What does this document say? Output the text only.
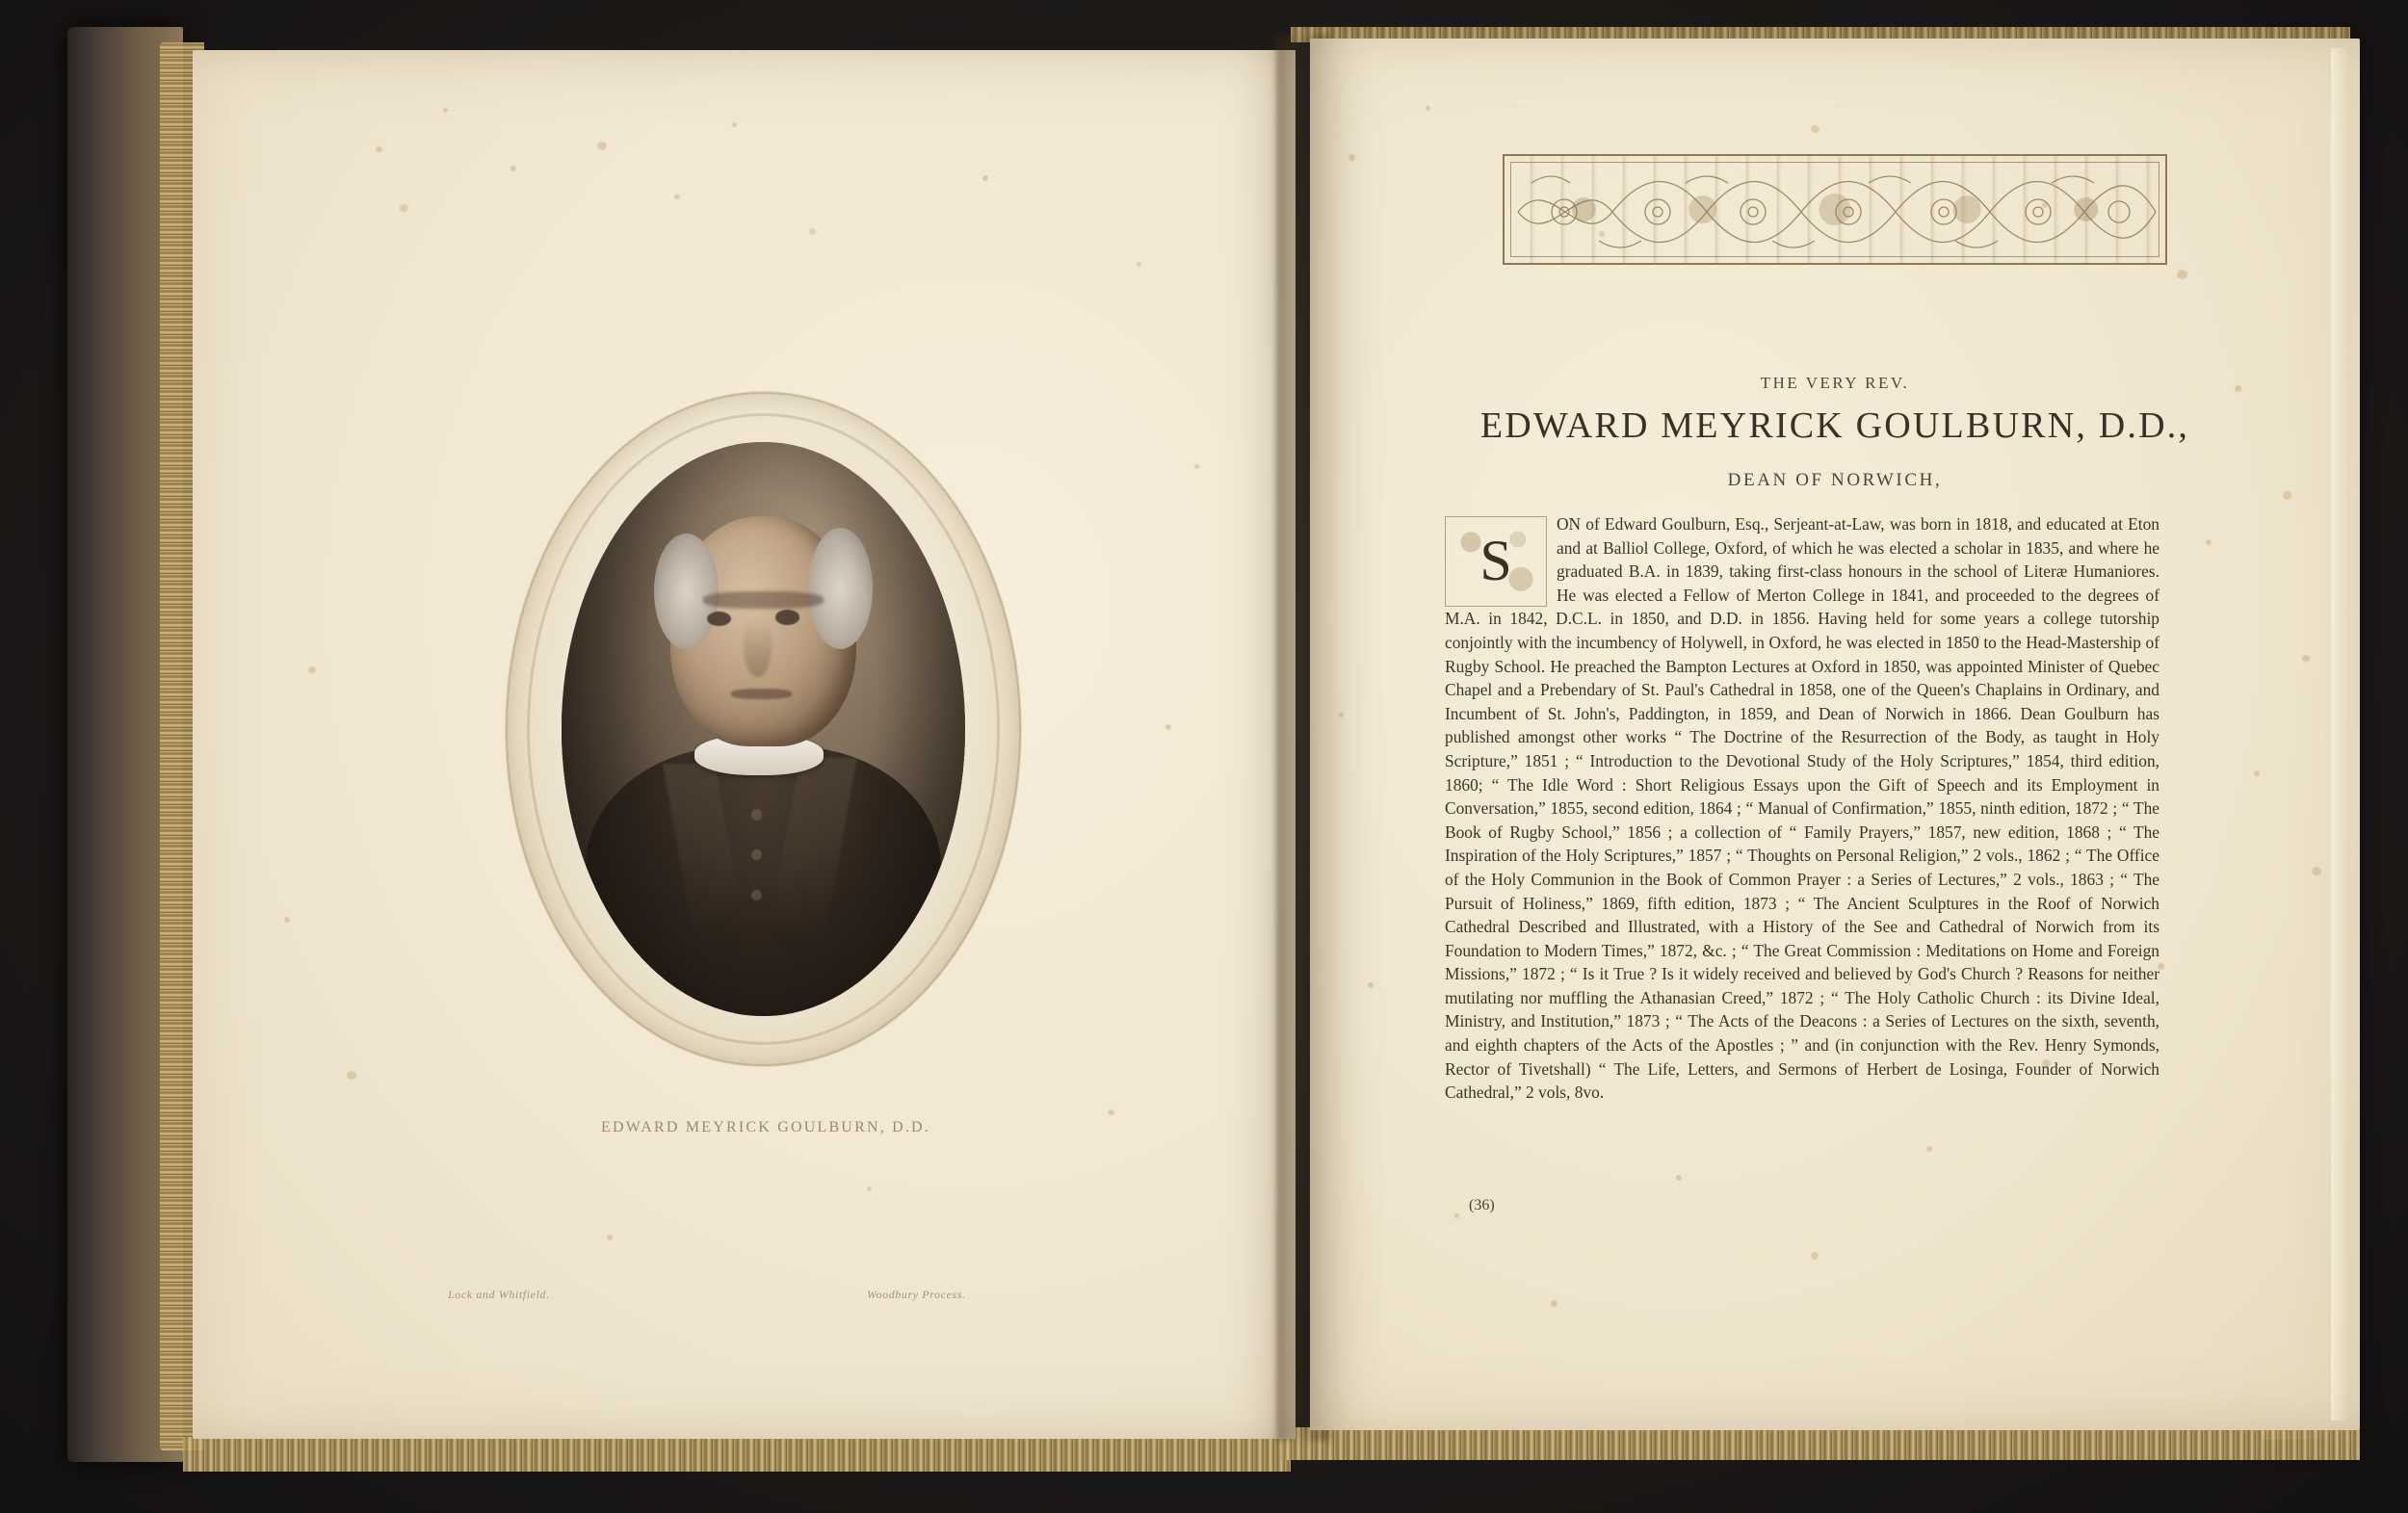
EDWARD MEYRICK GOULBURN, D.D.
Lock and Whitfield.	Woodbury Process.
THE VERY REV.
EDWARD MEYRICK GOULBURN, D.D.,
DEAN OF NORWICH,
S
ON of Edward Goulburn, Esq., Serjeant-at-Law, was born in 1818, and educated at Eton and at Balliol College, Oxford, of which he was elected a scholar in 1835, and where he graduated B.A. in 1839, taking first-class honours in the school of Literæ Humaniores. He was elected a Fellow of Merton College in 1841, and proceeded to the degrees of M.A. in 1842, D.C.L. in 1850, and D.D. in 1856. Having held for some years a college tutorship conjointly with the incumbency of Holywell, in Oxford, he was elected in 1850 to the Head-Mastership of Rugby School. He preached the Bampton Lectures at Oxford in 1850, was appointed Minister of Quebec Chapel and a Prebendary of St. Paul's Cathedral in 1858, one of the Queen's Chaplains in Ordinary, and Incumbent of St. John's, Paddington, in 1859, and Dean of Norwich in 1866. Dean Goulburn has published amongst other works “ The Doctrine of the Resurrection of the Body, as taught in Holy Scripture,” 1851 ; “ Introduction to the Devotional Study of the Holy Scriptures,” 1854, third edition, 1860; “ The Idle Word : Short Religious Essays upon the Gift of Speech and its Employment in Conversation,” 1855, second edition, 1864 ; “ Manual of Confirmation,” 1855, ninth edition, 1872 ; “ The Book of Rugby School,” 1856 ; a collection of “ Family Prayers,” 1857, new edition, 1868 ; “ The Inspiration of the Holy Scriptures,” 1857 ; “ Thoughts on Personal Religion,” 2 vols., 1862 ; “ The Office of the Holy Communion in the Book of Common Prayer : a Series of Lectures,” 2 vols., 1863 ; “ The Pursuit of Holiness,” 1869, fifth edition, 1873 ; “ The Ancient Sculptures in the Roof of Norwich Cathedral Described and Illustrated, with a History of the See and Cathedral of Norwich from its Foundation to Modern Times,” 1872, &c. ; “ The Great Commission : Meditations on Home and Foreign Missions,” 1872 ; “ Is it True ? Is it widely received and believed by God's Church ? Reasons for neither mutilating nor muffling the Athanasian Creed,” 1872 ; “ The Holy Catholic Church : its Divine Ideal, Ministry, and Institution,” 1873 ; “ The Acts of the Deacons : a Series of Lectures on the sixth, seventh, and eighth chapters of the Acts of the Apostles ; ” and (in conjunction with the Rev. Henry Symonds, Rector of Tivetshall) “ The Life, Letters, and Sermons of Herbert de Losinga, Founder of Norwich Cathedral,” 2 vols, 8vo.
(36)
